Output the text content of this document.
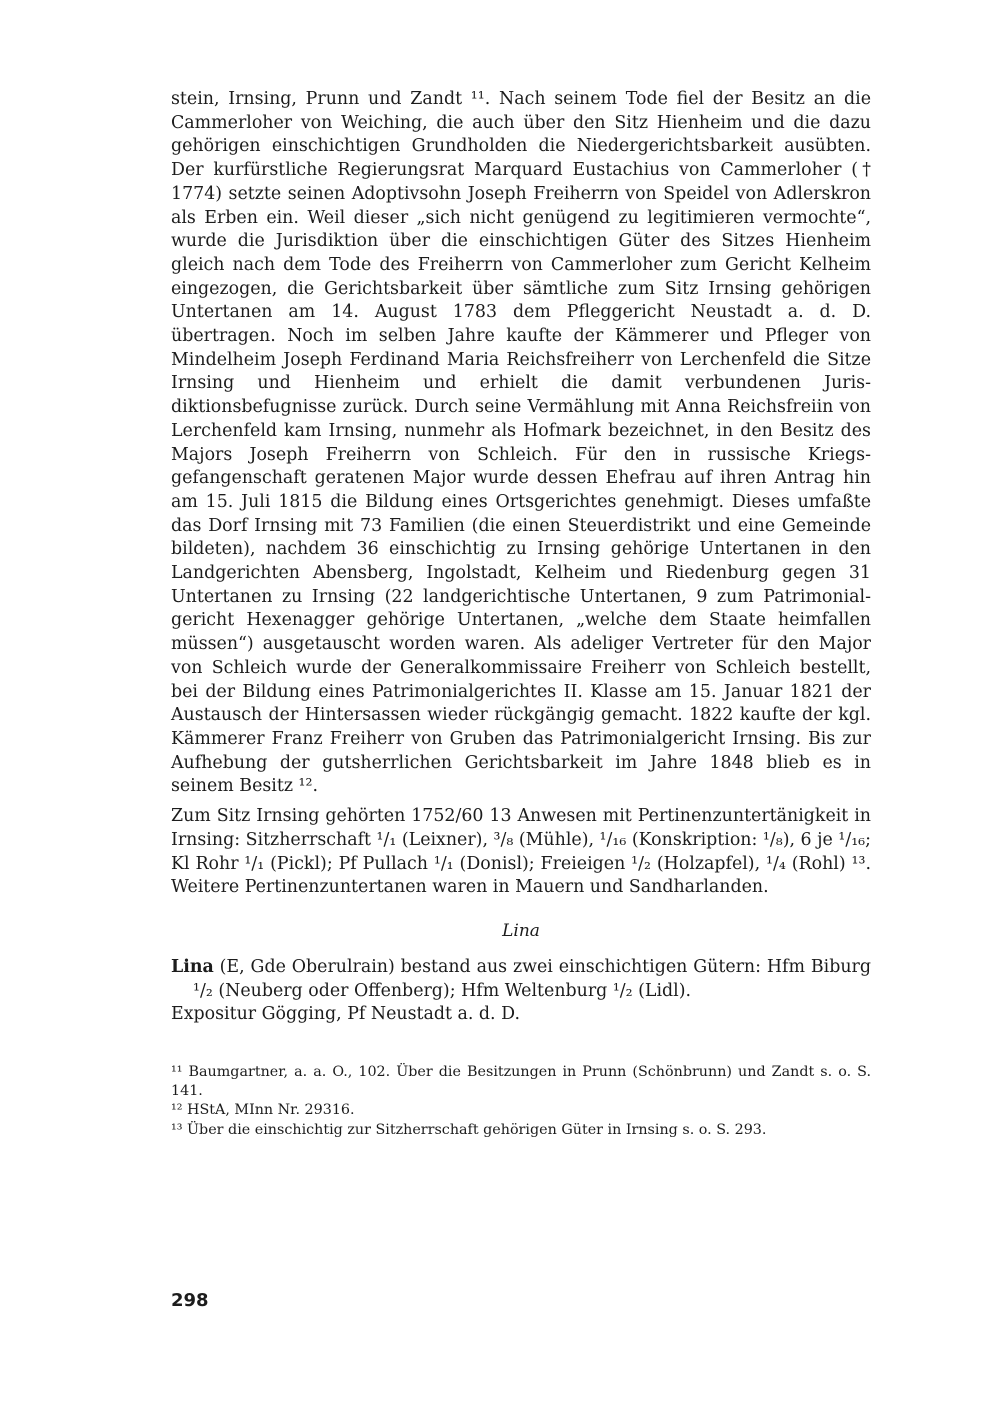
stein, Irnsing, Prunn und Zandt ¹¹. Nach seinem Tode fiel der Besitz an die Cammerloher von Weiching, die auch über den Sitz Hienheim und die dazu gehörigen einschichtigen Grundholden die Niedergerichtsbarkeit ausübten. Der kurfürstliche Regierungsrat Marquard Eustachius von Cammerloher († 1774) setzte seinen Adoptivsohn Joseph Freiherrn von Speidel von Adlerskron als Erben ein. Weil dieser „sich nicht genügend zu legitimieren vermochte“, wurde die Jurisdiktion über die einschichtigen Güter des Sitzes Hienheim gleich nach dem Tode des Freiherrn von Cammerloher zum Gericht Kelheim eingezogen, die Gerichtsbarkeit über sämtliche zum Sitz Irnsing gehörigen Untertanen am 14. August 1783 dem Pfleggericht Neustadt a. d. D. übertragen. Noch im selben Jahre kaufte der Kämmerer und Pfleger von Mindelheim Joseph Ferdinand Maria Reichsfreiherr von Lerchenfeld die Sitze Irnsing und Hienheim und erhielt die damit verbundenen Jurisdiktionsbefugnisse zurück. Durch seine Vermählung mit Anna Reichsfreiin von Lerchenfeld kam Irnsing, nunmehr als Hofmark bezeichnet, in den Besitz des Majors Joseph Freiherrn von Schleich. Für den in russische Kriegsgefangenschaft geratenen Major wurde dessen Ehefrau auf ihren Antrag hin am 15. Juli 1815 die Bildung eines Ortsgerichtes genehmigt. Dieses umfaßte das Dorf Irnsing mit 73 Familien (die einen Steuerdistrikt und eine Gemeinde bildeten), nachdem 36 einschichtig zu Irnsing gehörige Untertanen in den Landgerichten Abensberg, Ingolstadt, Kelheim und Riedenburg gegen 31 Untertanen zu Irnsing (22 landgerichtische Untertanen, 9 zum Patrimonialgericht Hexenagger gehörige Untertanen, „welche dem Staate heimfallen müssen“) ausgetauscht worden waren. Als adeliger Vertreter für den Major von Schleich wurde der Generalkommissaire Freiherr von Schleich bestellt, bei der Bildung eines Patrimonialgerichtes II. Klasse am 15. Januar 1821 der Austausch der Hintersassen wieder rückgängig gemacht. 1822 kaufte der kgl. Kämmerer Franz Freiherr von Gruben das Patrimonialgericht Irnsing. Bis zur Aufhebung der gutsherrlichen Gerichtsbarkeit im Jahre 1848 blieb es in seinem Besitz ¹².

Zum Sitz Irnsing gehörten 1752/60 13 Anwesen mit Pertinenzuntertänigkeit in Irnsing: Sitzherrschaft ¹/₁ (Leixner), ³/₈ (Mühle), ¹/₁₆ (Konskription: ¹/₈), 6 je ¹/₁₆; Kl Rohr ¹/₁ (Pickl); Pf Pullach ¹/₁ (Donisl); Freieigen ¹/₂ (Holzapfel), ¹/₄ (Rohl) ¹³. Weitere Pertinenzuntertanen waren in Mauern und Sandharlanden.

Lina

Lina (E, Gde Oberulrain) bestand aus zwei einschichtigen Gütern: Hfm Biburg ¹/₂ (Neuberg oder Offenberg); Hfm Weltenburg ¹/₂ (Lidl).
Expositur Gögging, Pf Neustadt a. d. D.

¹¹ Baumgartner, a. a. O., 102. Über die Besitzungen in Prunn (Schönbrunn) und Zandt s. o. S. 141.

¹² HStA, MInn Nr. 29316.

¹³ Über die einschichtig zur Sitzherrschaft gehörigen Güter in Irnsing s. o. S. 293.

298
